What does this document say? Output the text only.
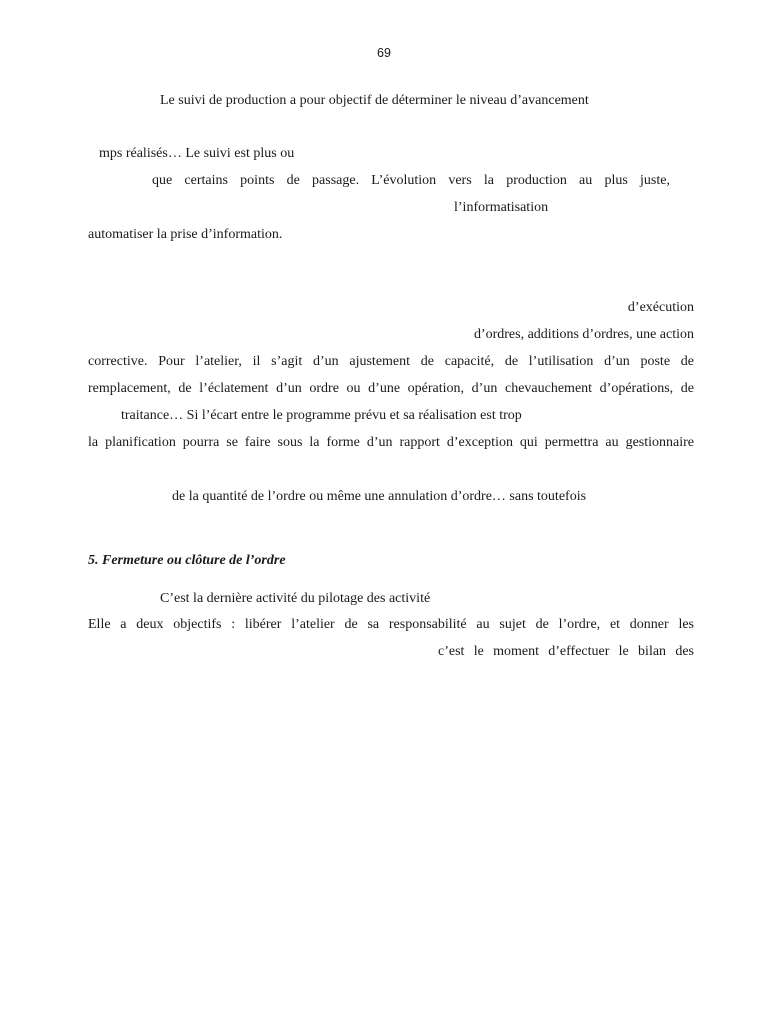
69
Le suivi de production a pour objectif de déterminer le niveau d’avancement
mps réalisés… Le suivi est plus ou
que certains points de passage. L’évolution vers la production au plus juste,
l’informatisation
automatiser la prise d’information.
d’exécution
d’ordres, additions d’ordres, une action
corrective. Pour l’atelier, il s’agit d’un ajustement de capacité, de l’utilisation d’un poste de
remplacement, de l’éclatement d’un ordre ou d’une opération, d’un chevauchement d’opérations, de
traitance… Si l’écart entre le programme prévu et sa réalisation est trop
la planification pourra se faire sous la forme d’un rapport d’exception qui permettra au gestionnaire
de la quantité de l’ordre ou même une annulation d’ordre… sans toutefois
5. Fermeture ou clôture de l’ordre
C’est la dernière activité du pilotage des activité
Elle a deux objectifs : libérer l’atelier de sa responsabilité au sujet de l’ordre, et donner les
c’est le moment d’effectuer le bilan des
